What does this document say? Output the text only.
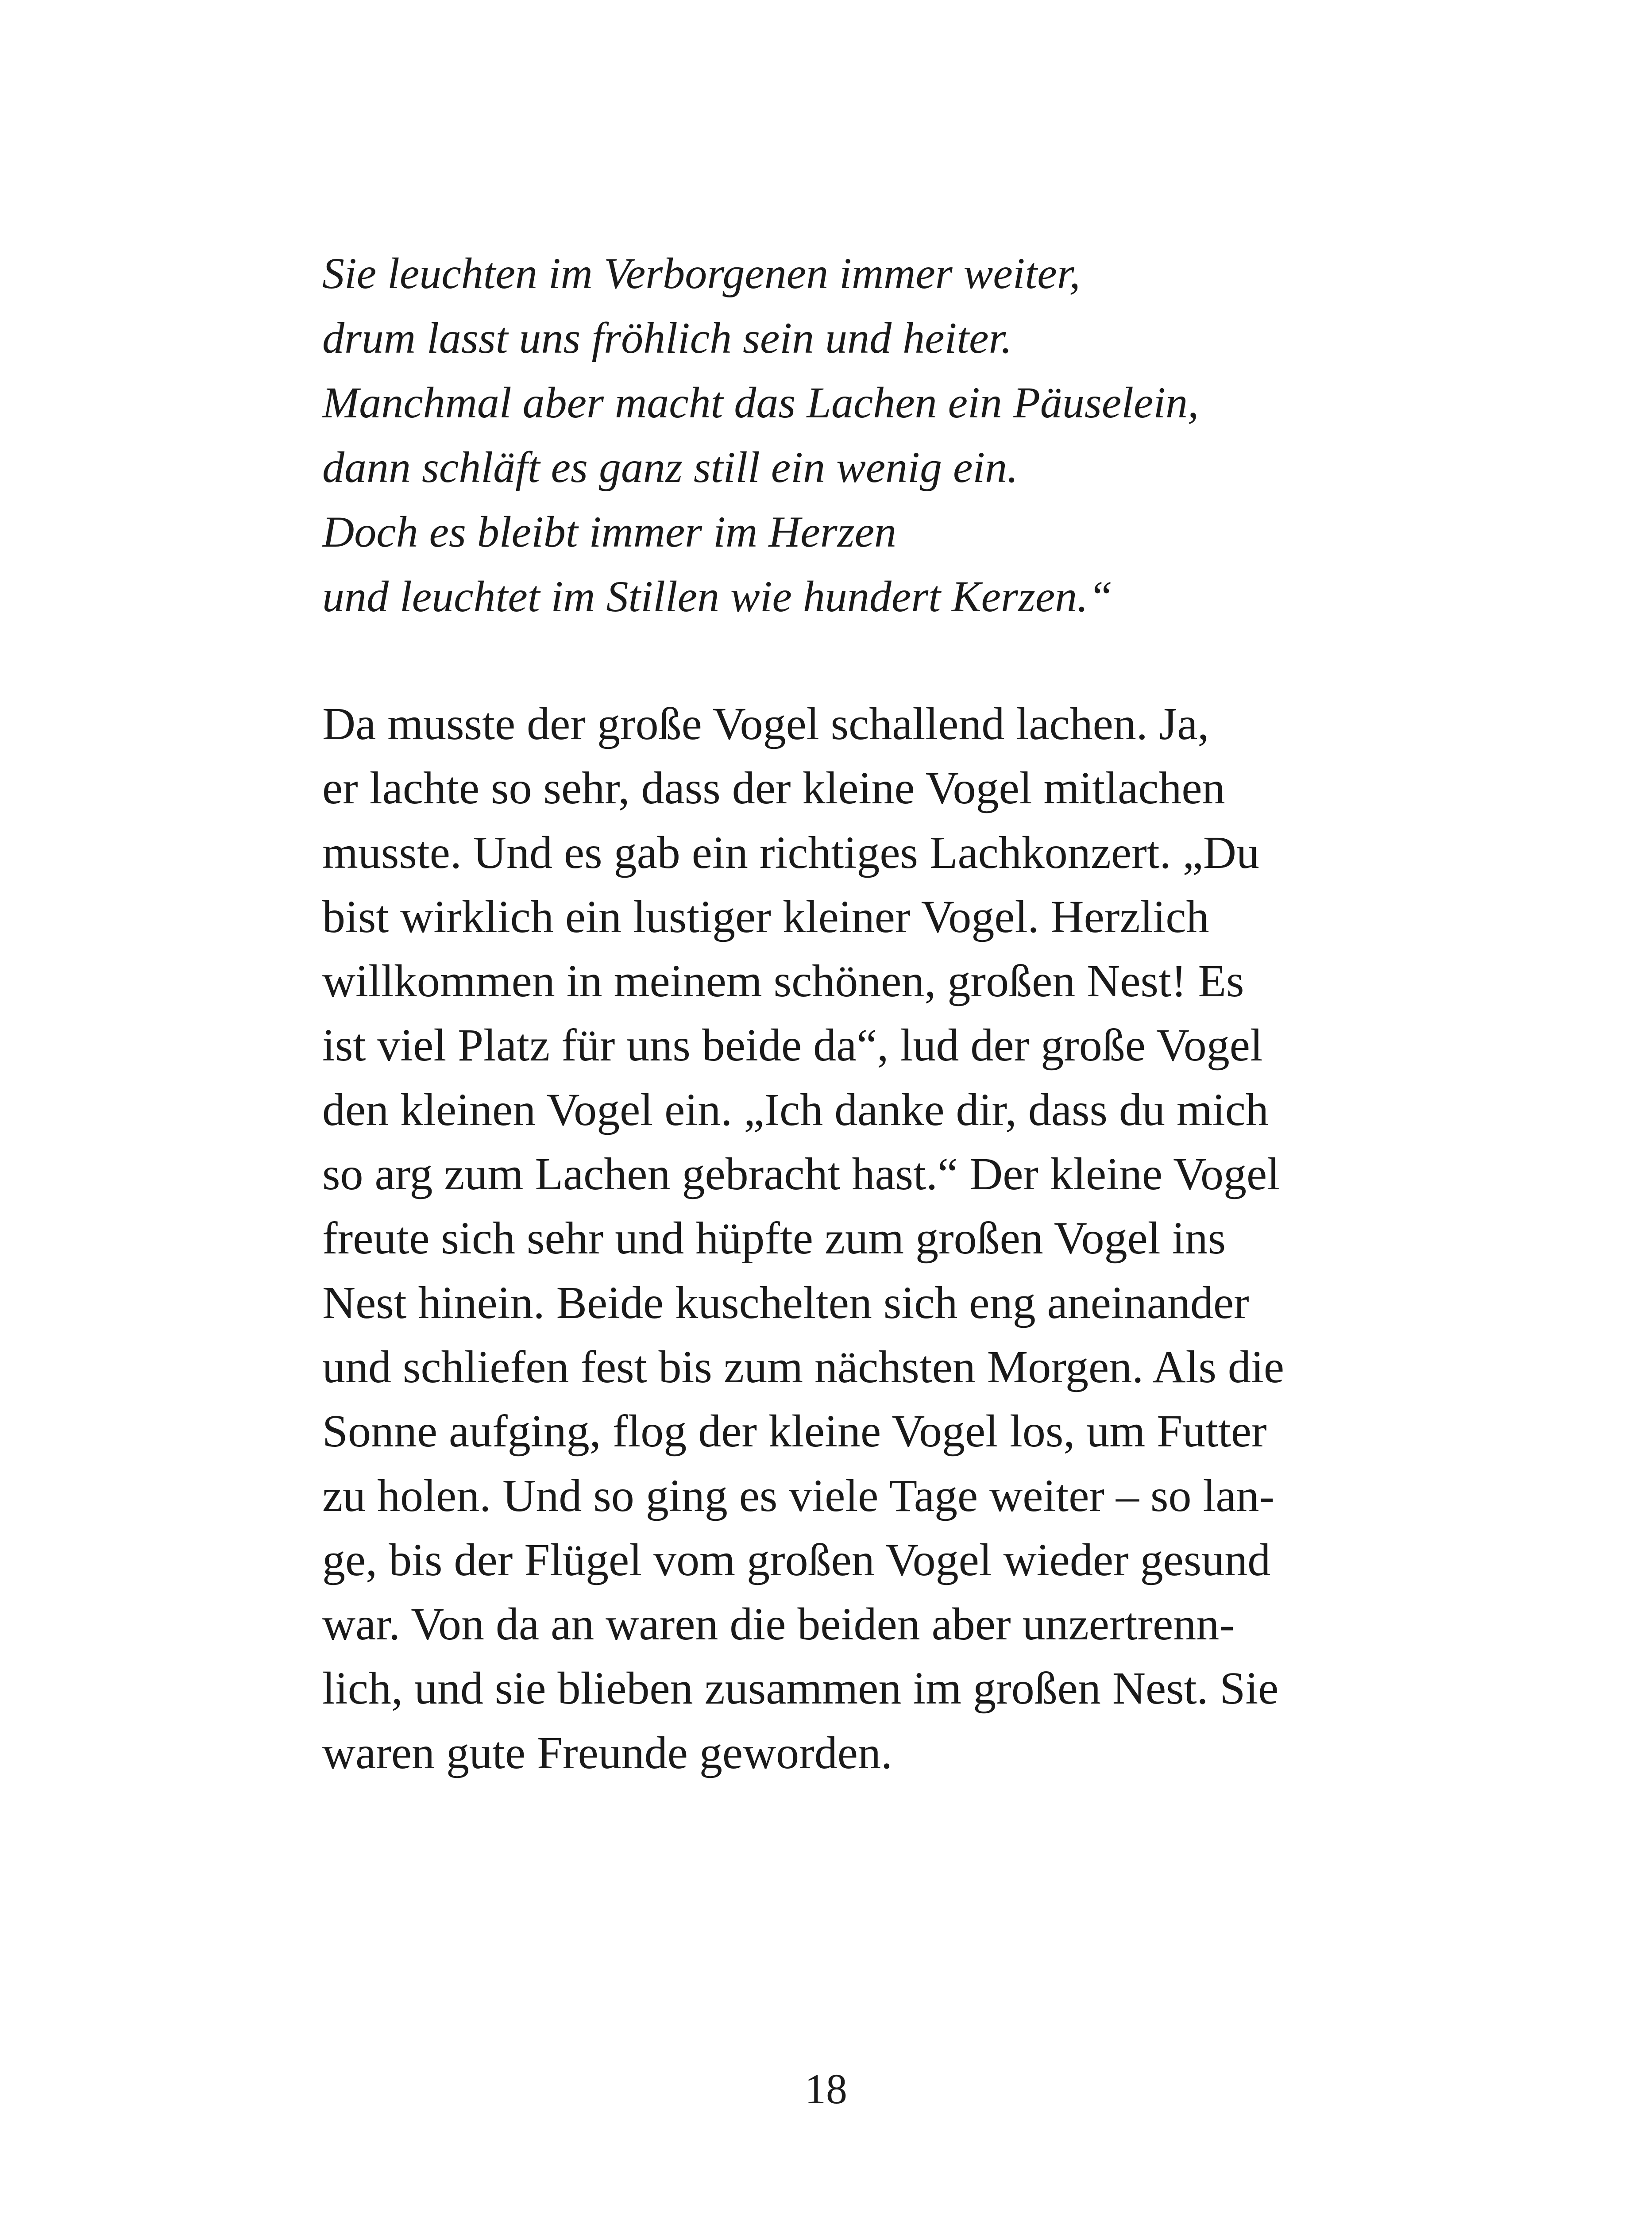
Sie leuchten im Verborgenen immer weiter,
drum lasst uns fröhlich sein und heiter.
Manchmal aber macht das Lachen ein Päuselein,
dann schläft es ganz still ein wenig ein.
Doch es bleibt immer im Herzen
und leuchtet im Stillen wie hundert Kerzen.“
Da musste der große Vogel schallend lachen. Ja,
er lachte so sehr, dass der kleine Vogel mitlachen
musste. Und es gab ein richtiges Lachkonzert. „Du
bist wirklich ein lustiger kleiner Vogel. Herzlich
willkommen in meinem schönen, großen Nest! Es
ist viel Platz für uns beide da“, lud der große Vogel
den kleinen Vogel ein. „Ich danke dir, dass du mich
so arg zum Lachen gebracht hast.“ Der kleine Vogel
freute sich sehr und hüpfte zum großen Vogel ins
Nest hinein. Beide kuschelten sich eng aneinander
und schliefen fest bis zum nächsten Morgen. Als die
Sonne aufging, flog der kleine Vogel los, um Futter
zu holen. Und so ging es viele Tage weiter – so lan-
ge, bis der Flügel vom großen Vogel wieder gesund
war. Von da an waren die beiden aber unzertrenn-
lich, und sie blieben zusammen im großen Nest. Sie
waren gute Freunde geworden.
18
